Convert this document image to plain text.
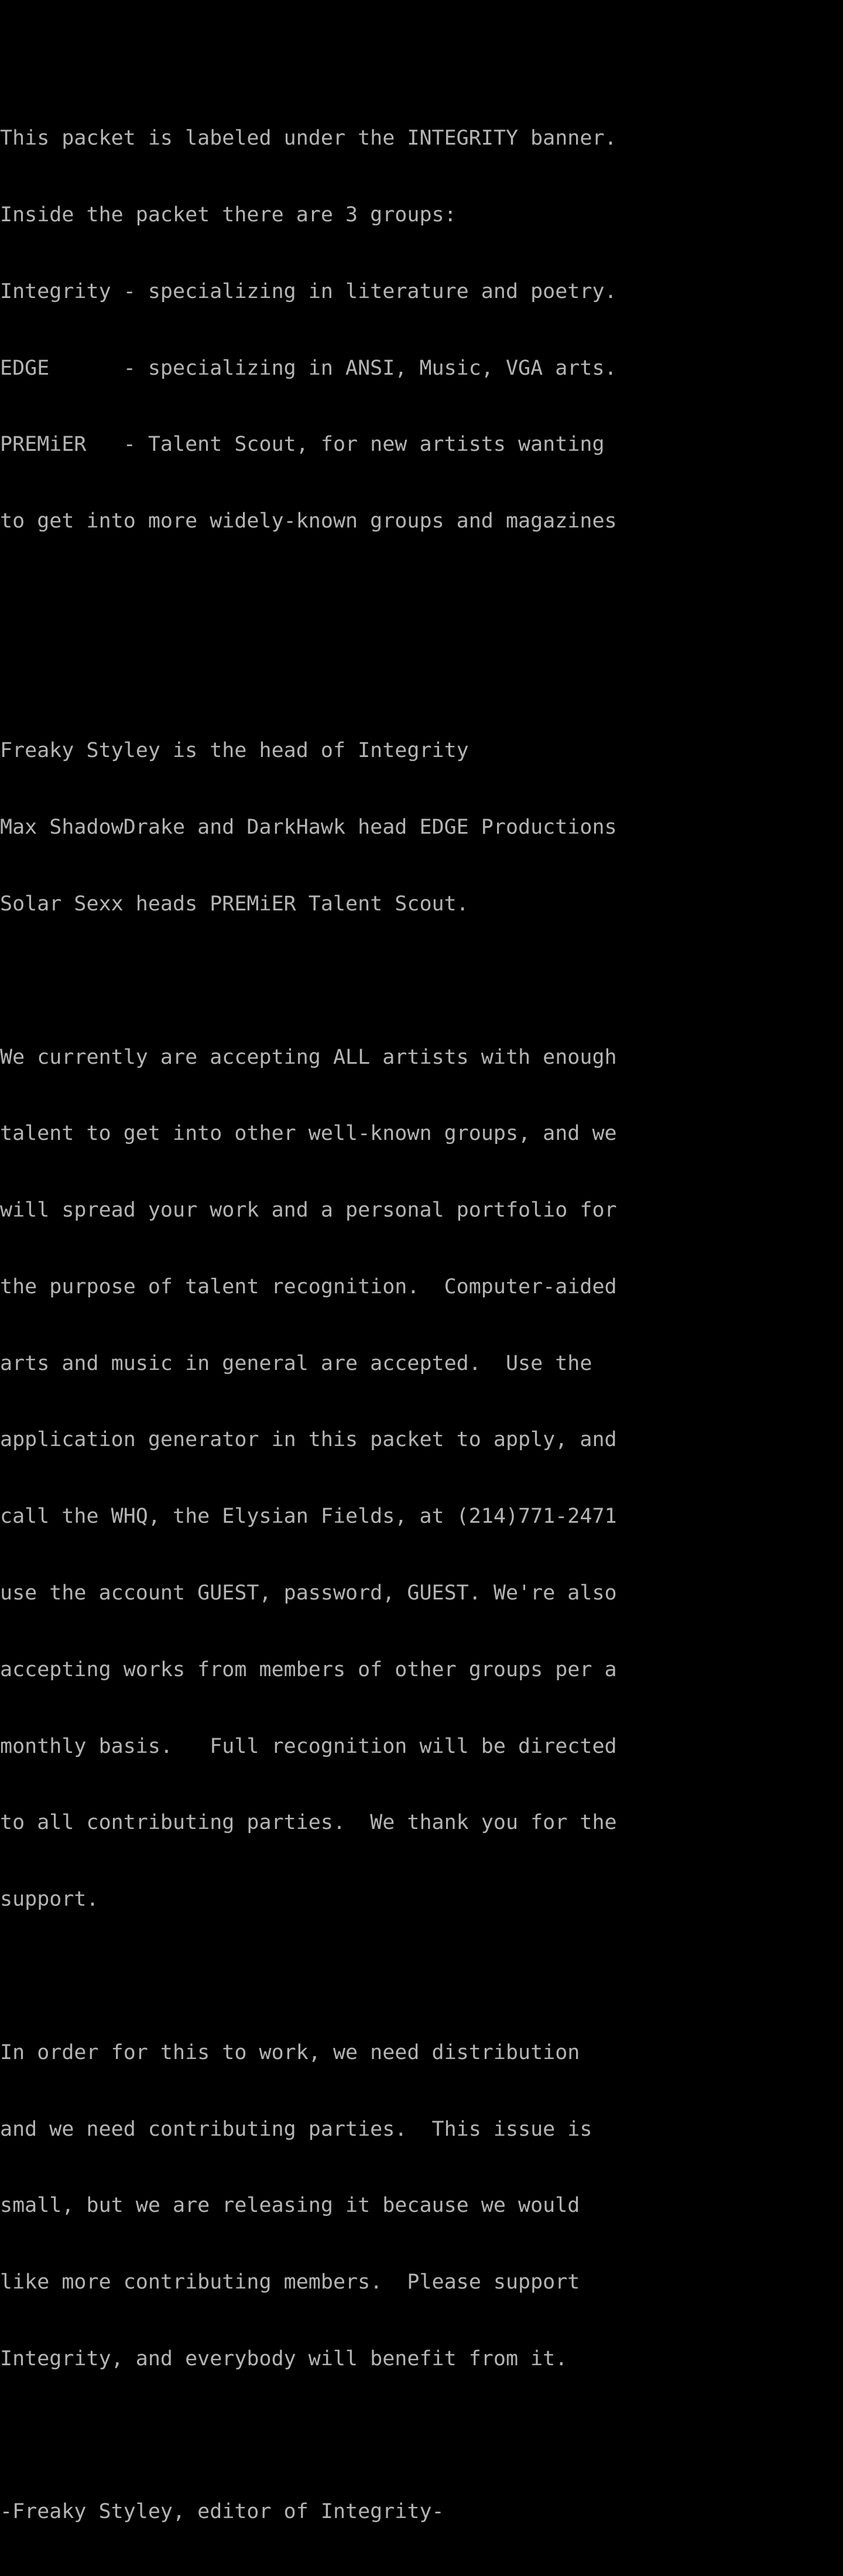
This packet is labeled under the INTEGRITY banner.

Inside the packet there are 3 groups:

Integrity - specializing in literature and poetry.

EDGE      - specializing in ANSI, Music, VGA arts.

PREMiER   - Talent Scout, for new artists wanting

to get into more widely-known groups and magazines

Freaky Styley is the head of Integrity

Max ShadowDrake and DarkHawk head EDGE Productions

Solar Sexx heads PREMiER Talent Scout.

We currently are accepting ALL artists with enough

talent to get into other well-known groups, and we

will spread your work and a personal portfolio for

the purpose of talent recognition.  Computer-aided

arts and music in general are accepted.  Use the

application generator in this packet to apply, and

call the WHQ, the Elysian Fields, at (214)771-2471

use the account GUEST, password, GUEST. We're also

accepting works from members of other groups per a

monthly basis.   Full recognition will be directed

to all contributing parties.  We thank you for the

support.

In order for this to work, we need distribution

and we need contributing parties.  This issue is

small, but we are releasing it because we would

like more contributing members.  Please support

Integrity, and everybody will benefit from it.

-Freaky Styley, editor of Integrity-
